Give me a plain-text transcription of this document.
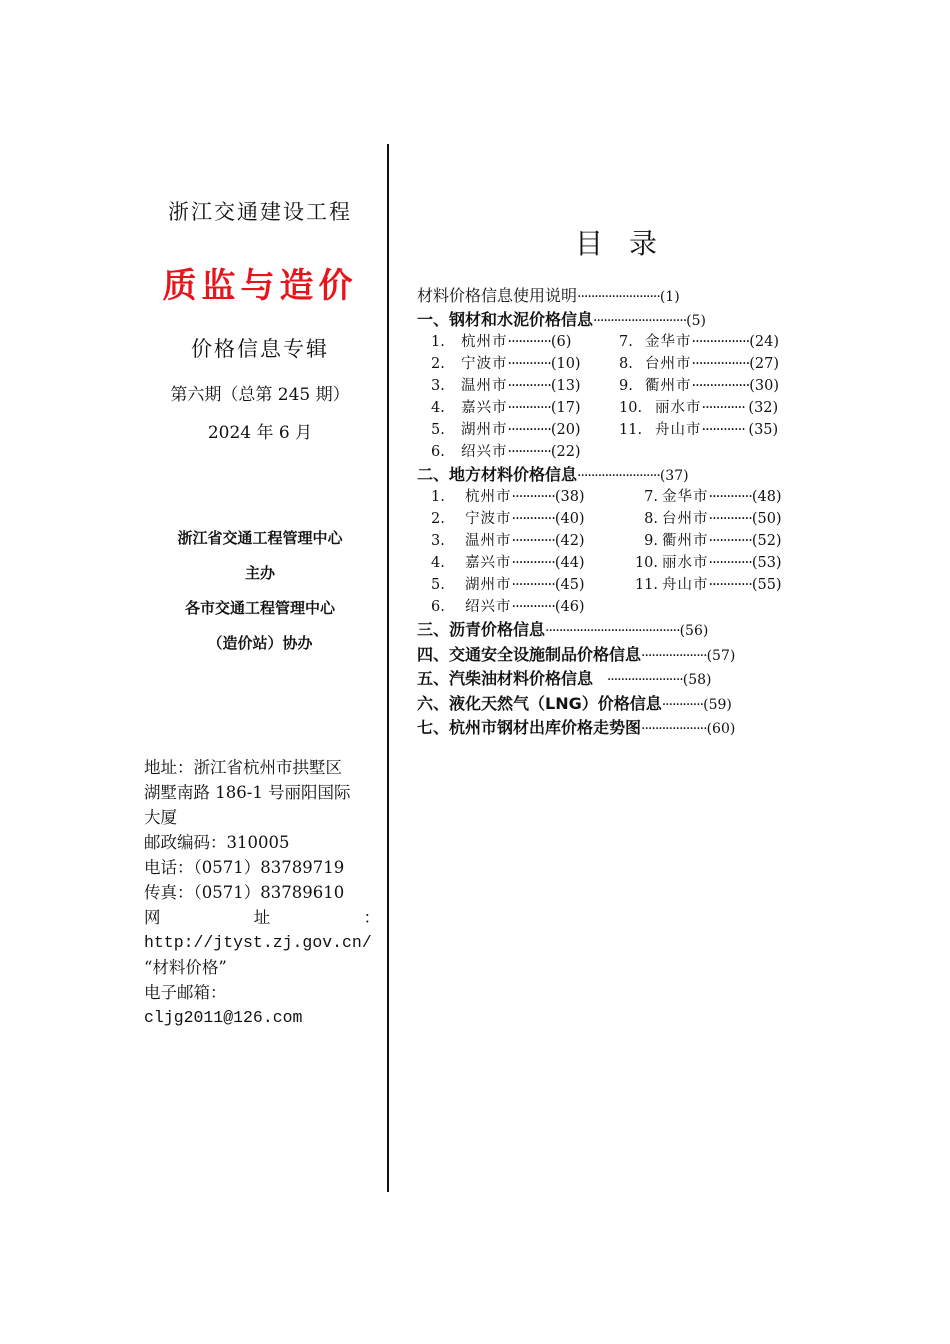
浙江交通建设工程
质监与造价
价格信息专辑
第六期（总第 245 期）
2024 年 6 月
浙江省交通工程管理中心
主办
各市交通工程管理中心
（造价站）协办
地址：浙江省杭州市拱墅区
湖墅南路 186-1 号丽阳国际
大厦
邮政编码：310005
电话：（0571）83789719
传真：（0571）83789610
网	址	：
http://jtyst.zj.gov.cn/
“材料价格”
电子邮箱：
cljg2011@126.com
目录
材料价格信息使用说明························(1)
一、钢材和水泥价格信息···························(5)
1. 杭州市············(6)
2. 宁波市············(10)
3. 温州市············(13)
4. 嘉兴市············(17)
5. 湖州市············(20)
6. 绍兴市············(22)
7. 金华市················(24)
8. 台州市················(27)
9. 衢州市················(30)
10. 丽水市············ (32)
11. 舟山市············ (35)
二、地方材料价格信息························(37)
1. 杭州市············(38)
2. 宁波市············(40)
3. 温州市············(42)
4. 嘉兴市············(44)
5. 湖州市············(45)
6. 绍兴市············(46)
7. 金华市············(48)
8. 台州市············(50)
9. 衢州市············(52)
10. 丽水市············(53)
11. 舟山市············(55)
三、沥青价格信息·······································(56)
四、交通安全设施制品价格信息···················(57)
五、汽柴油材料价格信息    ······················(58)
六、液化天然气（LNG）价格信息············(59)
七、杭州市钢材出库价格走势图···················(60)
